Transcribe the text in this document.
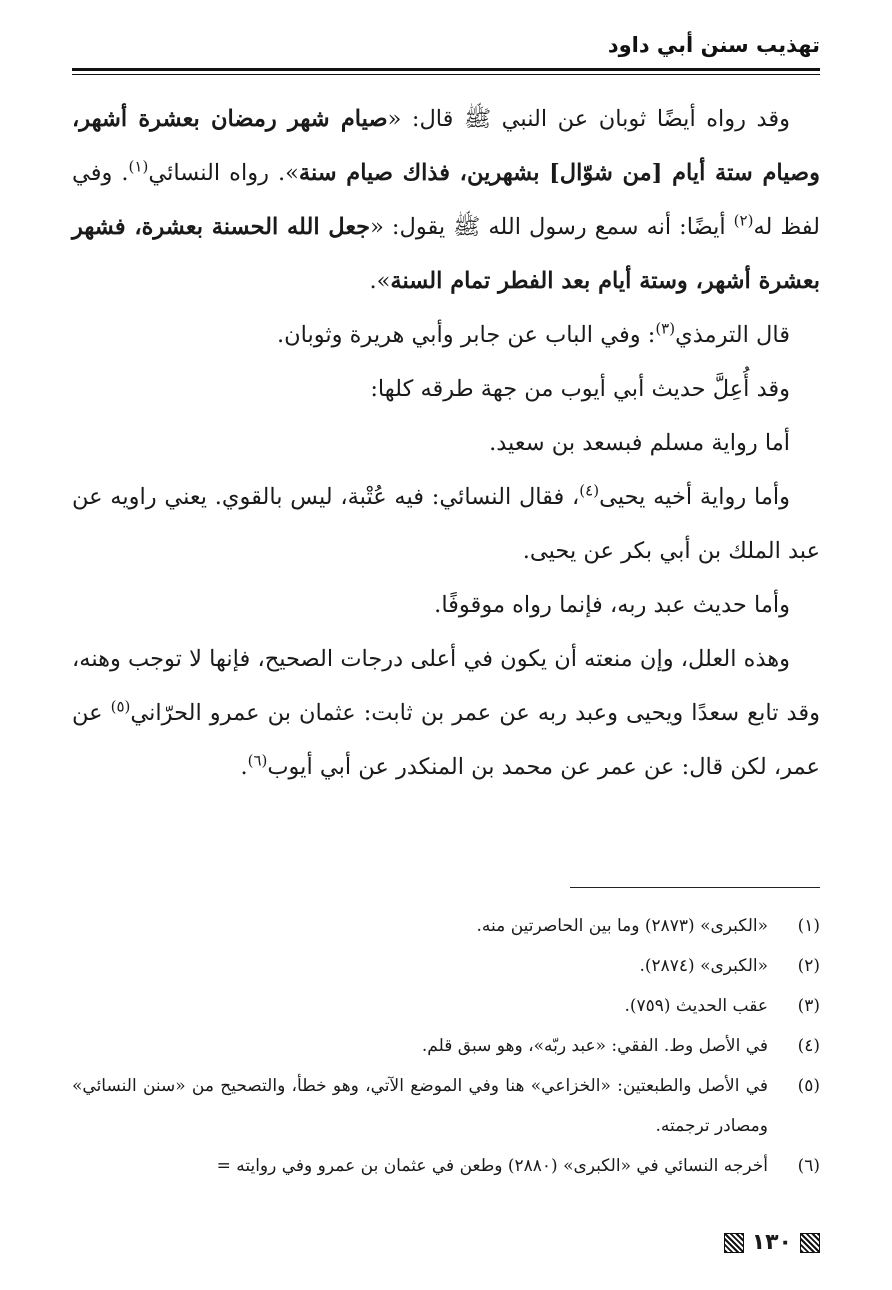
تهذيب سنن أبي داود

وقد رواه أيضًا ثوبان عن النبي ﷺ قال: «صيام شهر رمضان بعشرة أشهر، وصيام ستة أيام [من شوّال] بشهرين، فذاك صيام سنة». رواه النسائي$^{(١)}$. وفي لفظ له$^{(٢)}$ أيضًا: أنه سمع رسول الله ﷺ يقول: «جعل الله الحسنة بعشرة، فشهر بعشرة أشهر، وستة أيام بعد الفطر تمام السنة».

قال الترمذي$^{(٣)}$: وفي الباب عن جابر وأبي هريرة وثوبان.

وقد أُعِلَّ حديث أبي أيوب من جهة طرقه كلها:

أما رواية مسلم فبسعد بن سعيد.

وأما رواية أخيه يحيى$^{(٤)}$، فقال النسائي: فيه عُتْبة، ليس بالقوي. يعني راويه عن عبد الملك بن أبي بكر عن يحيى.

وأما حديث عبد ربه، فإنما رواه موقوفًا.

وهذه العلل، وإن منعته أن يكون في أعلى درجات الصحيح، فإنها لا توجب وهنه، وقد تابع سعدًا ويحيى وعبد ربه عن عمر بن ثابت: عثمان بن عمرو الحرّاني$^{(٥)}$ عن عمر، لكن قال: عن عمر عن محمد بن المنكدر عن أبي أيوب$^{(٦)}$.

(١)
«الكبرى» (٢٨٧٣) وما بين الحاصرتين منه.
(٢)
«الكبرى» (٢٨٧٤).
(٣)
عقب الحديث (٧٥٩).
(٤)
في الأصل وط. الفقي: «عبد ربّه»، وهو سبق قلم.
(٥)
في الأصل والطبعتين: «الخزاعي» هنا وفي الموضع الآتي، وهو خطأ، والتصحيح من «سنن النسائي» ومصادر ترجمته.
(٦)
أخرجه النسائي في «الكبرى» (٢٨٨٠) وطعن في عثمان بن عمرو وفي روايته =
١٣٠
